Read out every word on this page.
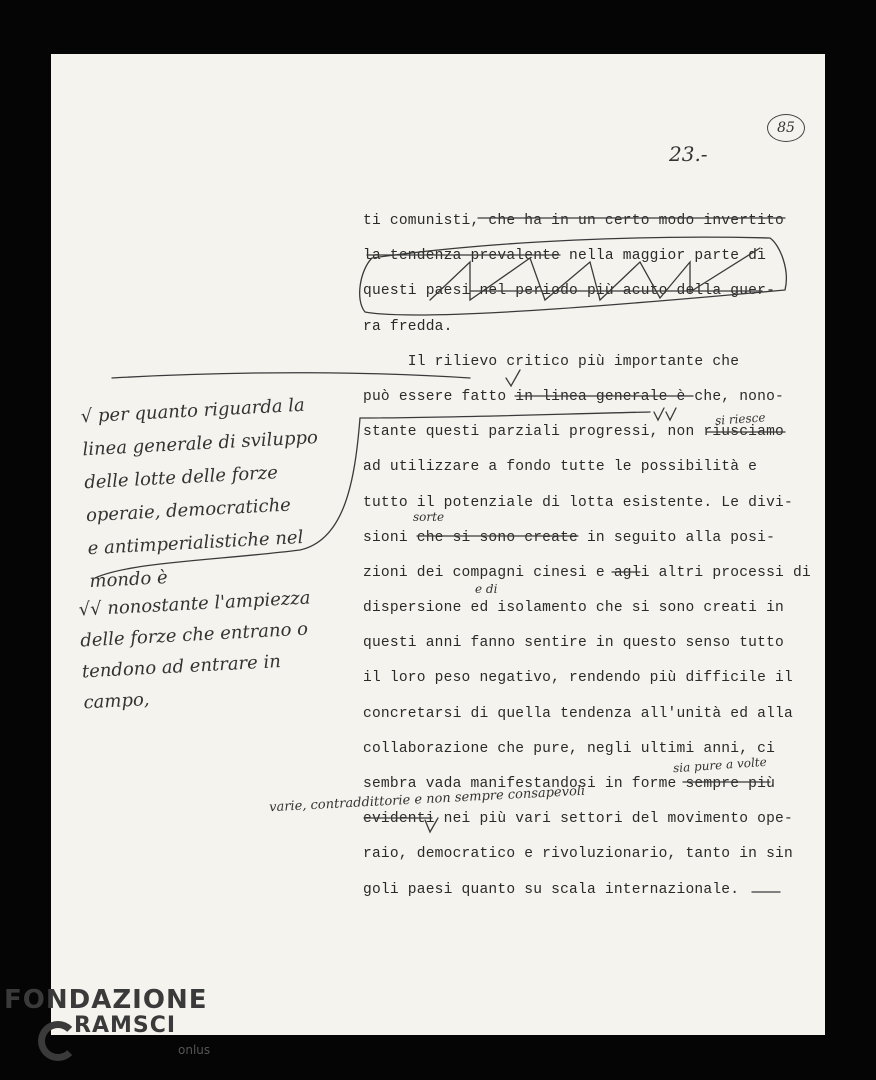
23.-
85
ti comunisti, che ha in un certo modo invertito
la tendenza prevalente nella maggior parte di
questi paesi nel periodo più acuto della guer-
ra fredda.
Il rilievo critico più importante che
può essere fatto in linea generale è che, nono-
stante questi parziali progressi, non riusciamo
ad utilizzare a fondo tutte le possibilità e
tutto il potenziale di lotta esistente. Le divi-
sioni che si sono create in seguito alla posi-
zioni dei compagni cinesi e agli altri processi di
dispersione ed isolamento che si sono creati in
questi anni fanno sentire in questo senso tutto
il loro peso negativo, rendendo più difficile il
concretarsi di quella tendenza all'unità ed alla
collaborazione che pure, negli ultimi anni, ci
sembra vada manifestandosi in forme sempre più
evidenti nei più vari settori del movimento ope-
raio, democratico e rivoluzionario, tanto in sin
goli paesi quanto su scala internazionale.
√ per quanto riguarda la
linea generale di sviluppo
delle lotte delle forze
operaie, democratiche
e antimperialistiche nel
mondo è
√√ nonostante l'ampiezza
delle forze che entrano o
tendono ad entrare in
campo,
si riesce
sorte
e di
sia pure a volte
varie, contraddittorie e non sempre consapevoli
FONDAZIONE
RAMSCI
onlus
